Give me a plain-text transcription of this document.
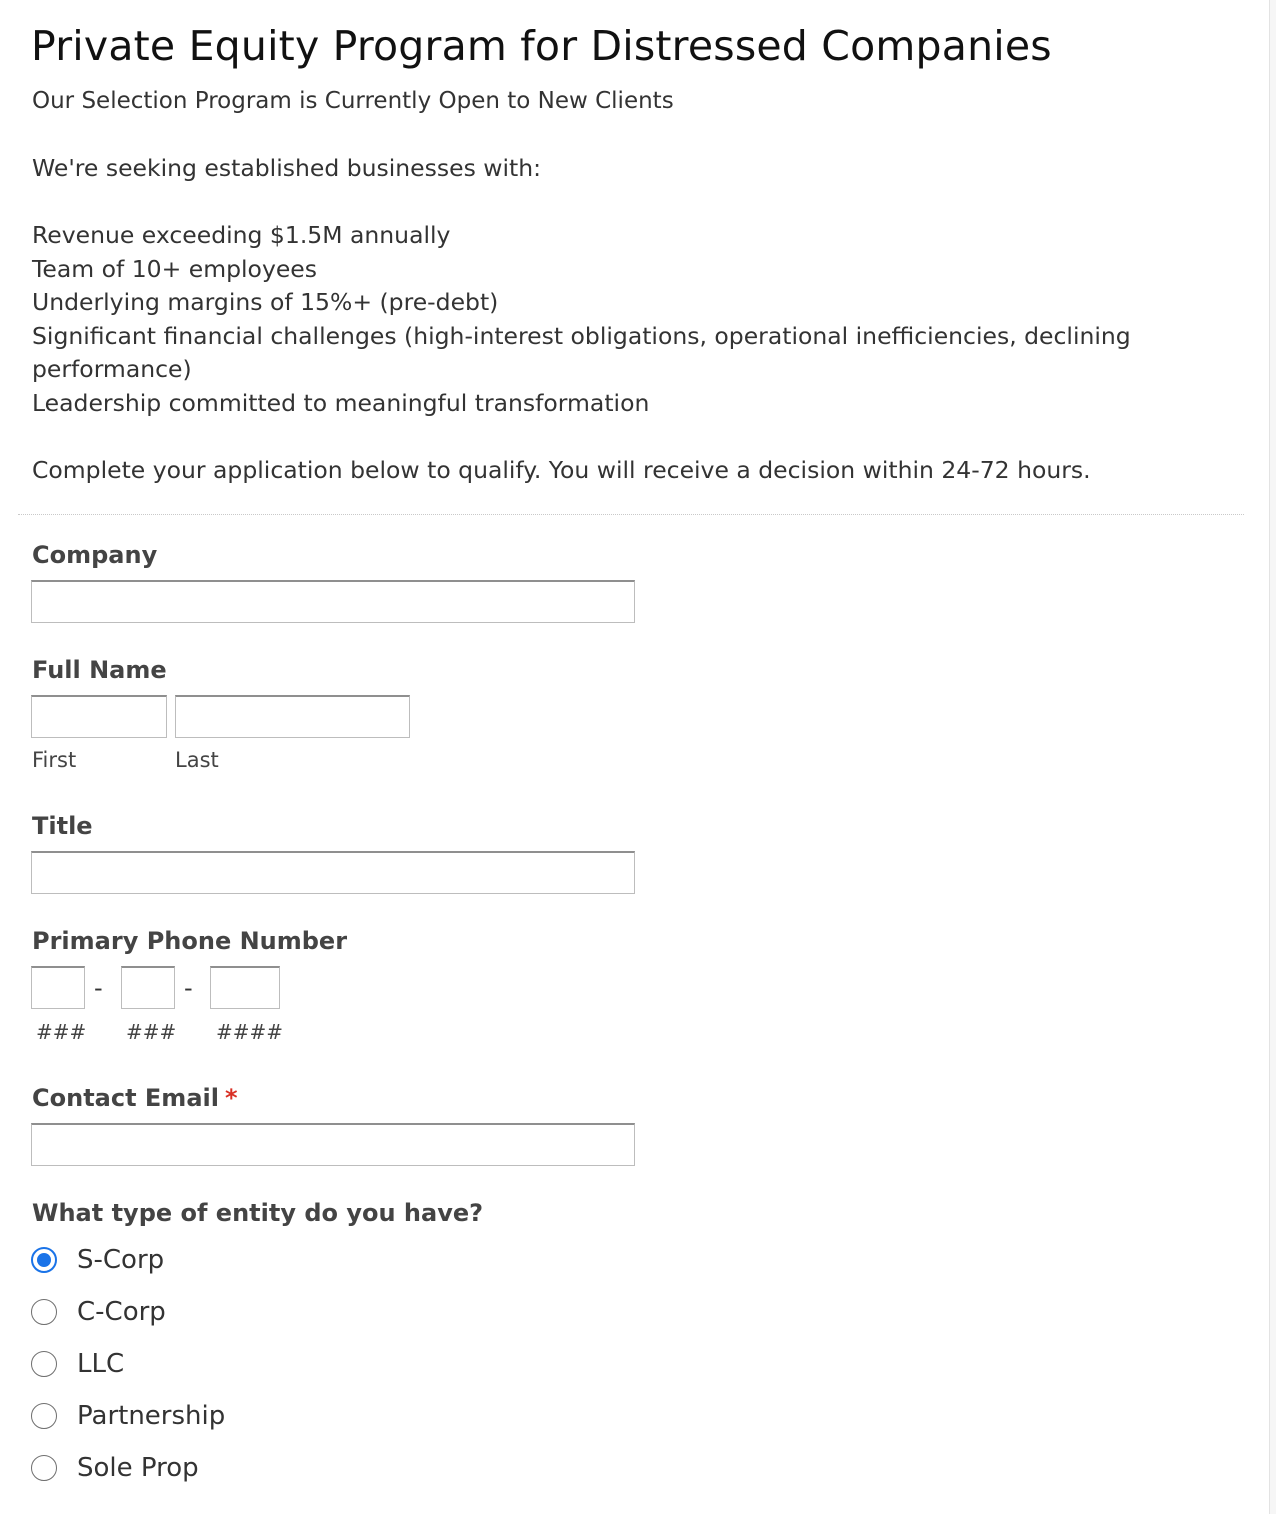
Private Equity Program for Distressed Companies
Our Selection Program is Currently Open to New Clients

We're seeking established businesses with:

Revenue exceeding $1.5M annually

Team of 10+ employees

Underlying margins of 15%+ (pre-debt)

Significant financial challenges (high-interest obligations, operational inefficiencies, declining performance)

Leadership committed to meaningful transformation

Complete your application below to qualify. You will receive a decision within 24-72 hours.

Company
Full Name
First	Last
Title
Primary Phone Number
-	-
### ### ####
Contact Email *
What type of entity do you have?
S-Corp
C-Corp
LLC
Partnership
Sole Prop
